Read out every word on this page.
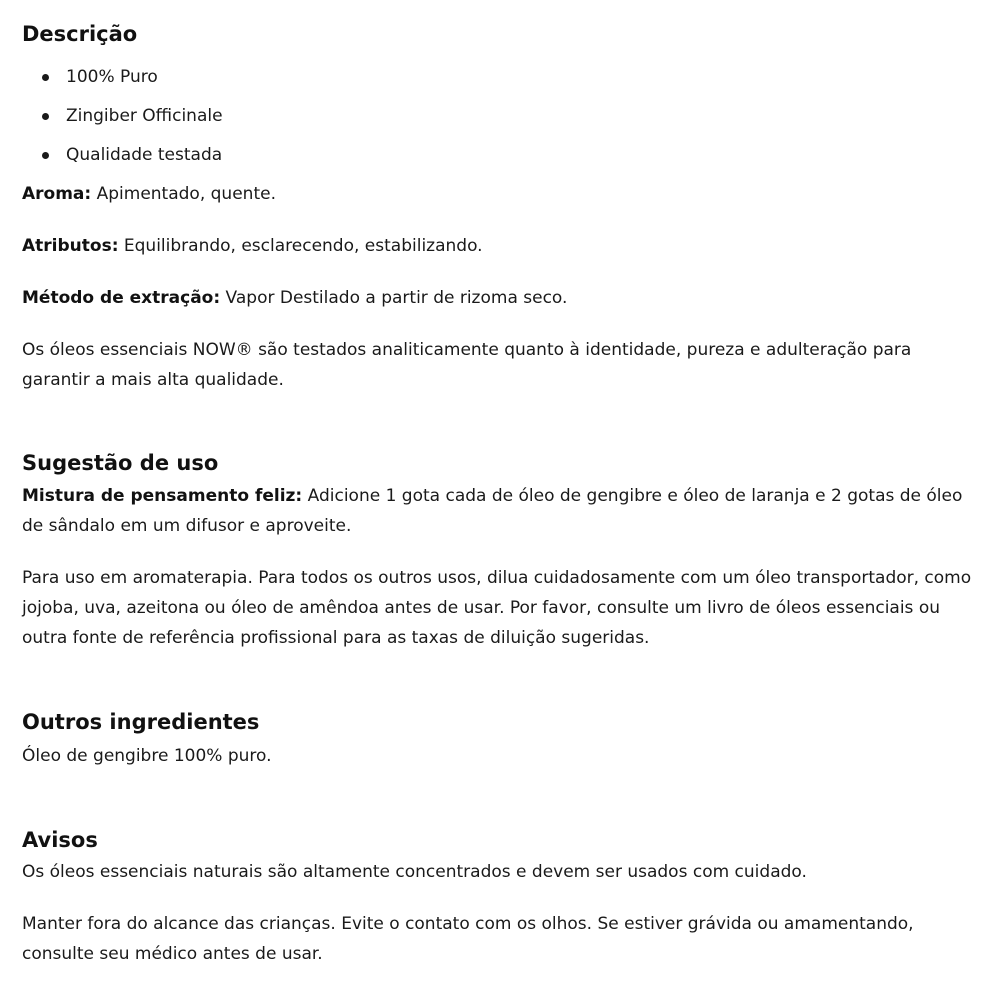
Descrição
100% Puro
Zingiber Officinale
Qualidade testada

Aroma: Apimentado, quente.

Atributos: Equilibrando, esclarecendo, estabilizando.

Método de extração: Vapor Destilado a partir de rizoma seco.

Os óleos essenciais NOW® são testados analiticamente quanto à identidade, pureza e adulteração para garantir a mais alta qualidade.

Sugestão de uso

Mistura de pensamento feliz: Adicione 1 gota cada de óleo de gengibre e óleo de laranja e 2 gotas de óleo de sândalo em um difusor e aproveite.

Para uso em aromaterapia. Para todos os outros usos, dilua cuidadosamente com um óleo transportador, como jojoba, uva, azeitona ou óleo de amêndoa antes de usar. Por favor, consulte um livro de óleos essenciais ou outra fonte de referência profissional para as taxas de diluição sugeridas.

Outros ingredientes

Óleo de gengibre 100% puro.

Avisos

Os óleos essenciais naturais são altamente concentrados e devem ser usados com cuidado.

Manter fora do alcance das crianças. Evite o contato com os olhos. Se estiver grávida ou amamentando, consulte seu médico antes de usar.
